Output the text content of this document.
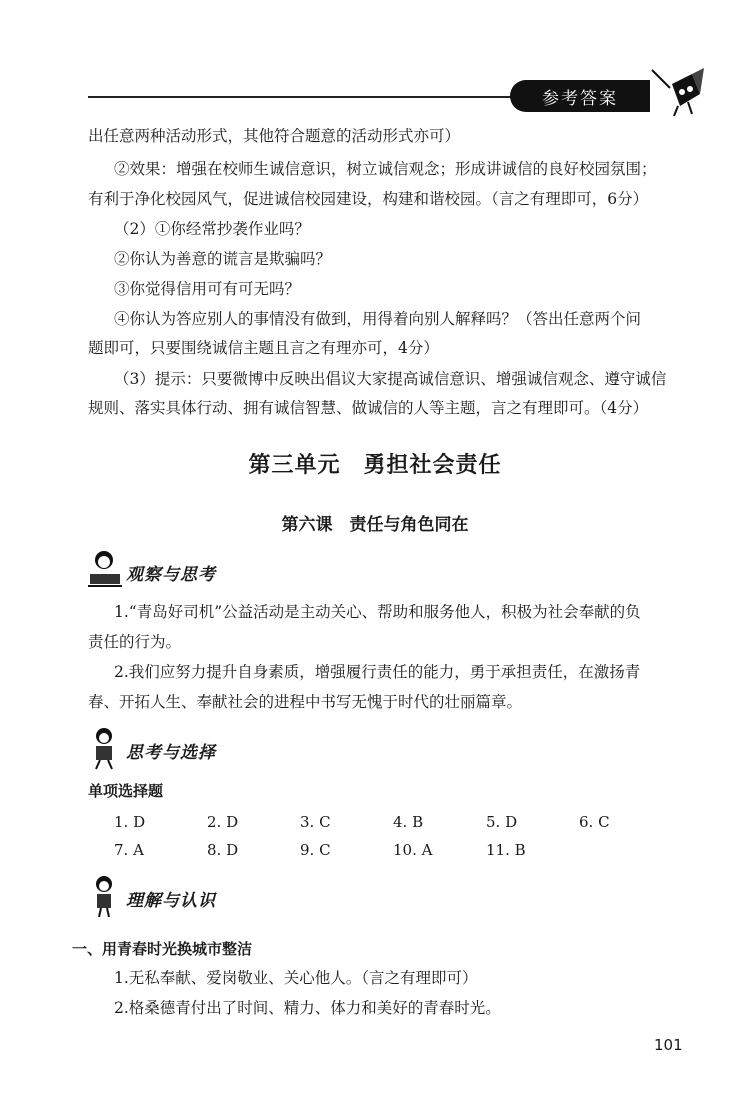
参考答案
出任意两种活动形式，其他符合题意的活动形式亦可）
②效果：增强在校师生诚信意识，树立诚信观念；形成讲诚信的良好校园氛围；
有利于净化校园风气，促进诚信校园建设，构建和谐校园。（言之有理即可，6分）
（2）①你经常抄袭作业吗？
②你认为善意的谎言是欺骗吗？
③你觉得信用可有可无吗？
④你认为答应别人的事情没有做到，用得着向别人解释吗？（答出任意两个问
题即可，只要围绕诚信主题且言之有理亦可，4分）
（3）提示：只要微博中反映出倡议大家提高诚信意识、增强诚信观念、遵守诚信
规则、落实具体行动、拥有诚信智慧、做诚信的人等主题，言之有理即可。（4分）
第三单元　勇担社会责任
第六课　责任与角色同在
观察与思考
1.“青岛好司机”公益活动是主动关心、帮助和服务他人，积极为社会奉献的负
责任的行为。
2.我们应努力提升自身素质，增强履行责任的能力，勇于承担责任，在激扬青
春、开拓人生、奉献社会的进程中书写无愧于时代的壮丽篇章。
思考与选择
单项选择题
1. D	2. D	3. C	4. B	5. D	6. C
7. A	8. D	9. C	10. A	11. B
理解与认识
一、用青春时光换城市整洁
1.无私奉献、爱岗敬业、关心他人。（言之有理即可）
2.格桑德青付出了时间、精力、体力和美好的青春时光。
101
